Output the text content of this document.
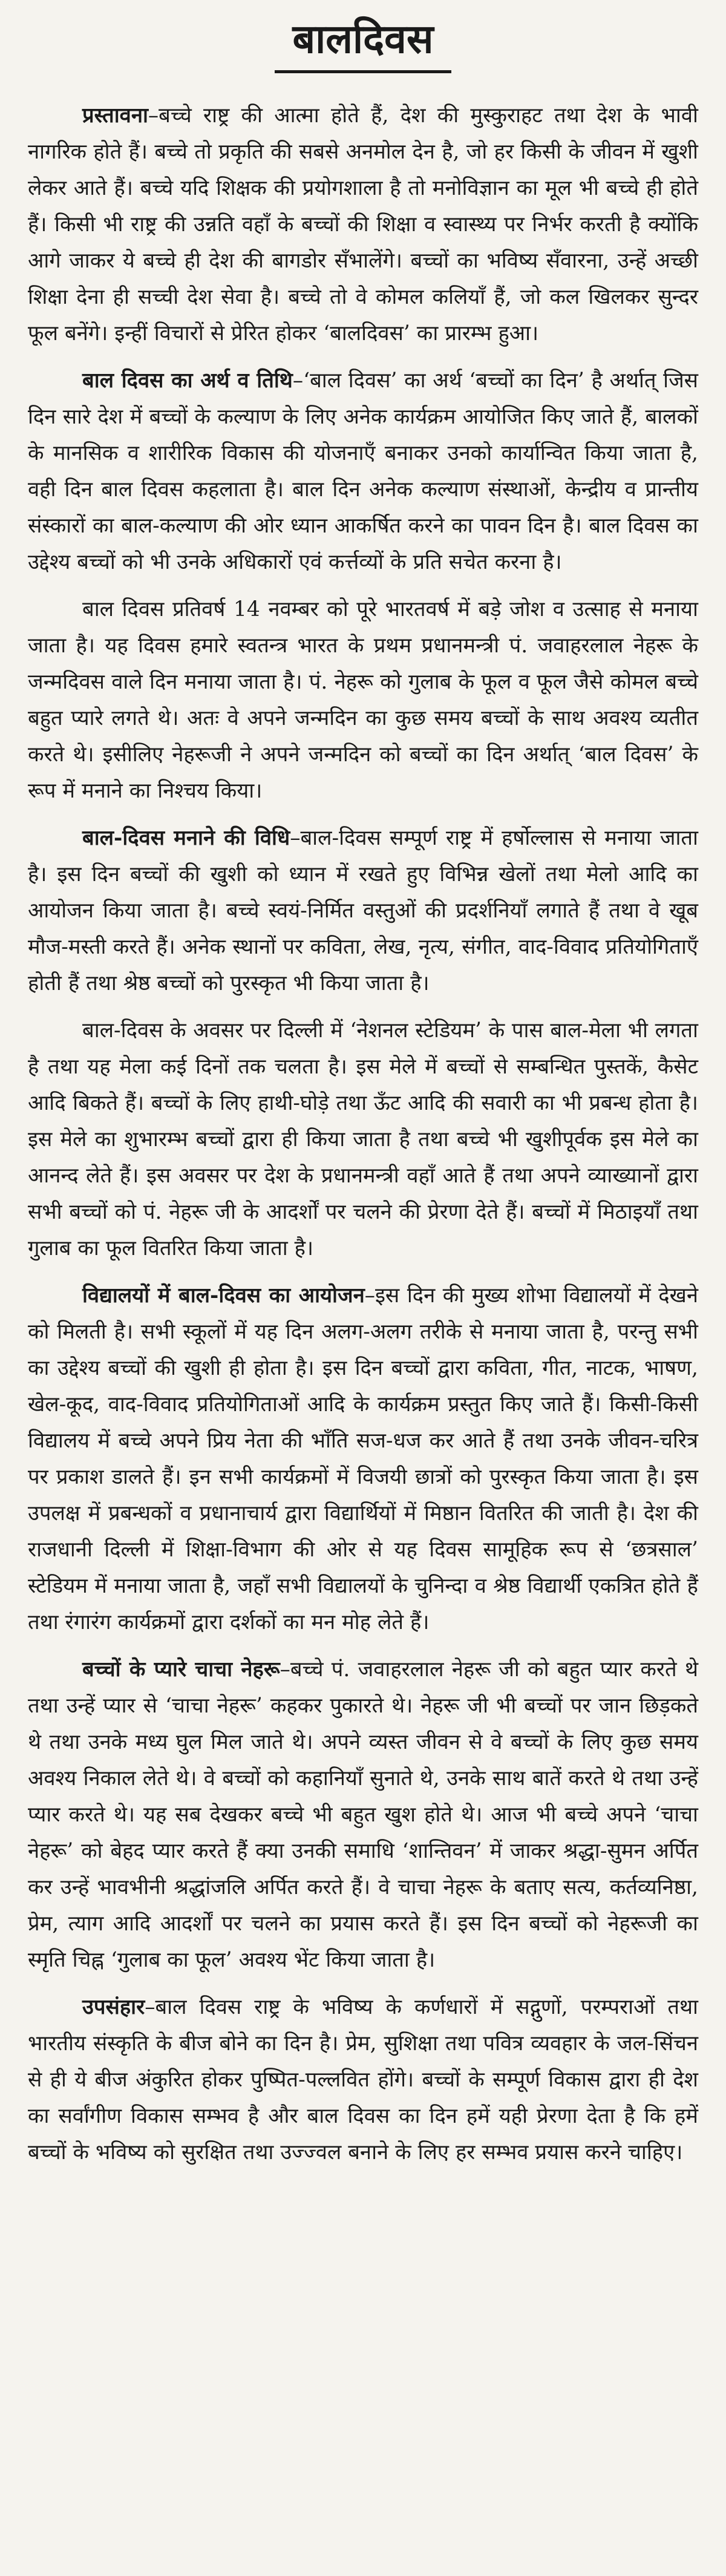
बालदिवस

प्रस्तावना–बच्चे राष्ट्र की आत्मा होते हैं, देश की मुस्कुराहट तथा देश के भावी नागरिक होते हैं। बच्चे तो प्रकृति की सबसे अनमोल देन है, जो हर किसी के जीवन में खुशी लेकर आते हैं। बच्चे यदि शिक्षक की प्रयोगशाला है तो मनोविज्ञान का मूल भी बच्चे ही होते हैं। किसी भी राष्ट्र की उन्नति वहाँ के बच्चों की शिक्षा व स्वास्थ्य पर निर्भर करती है क्योंकि आगे जाकर ये बच्चे ही देश की बागडोर सँभालेंगे। बच्चों का भविष्य सँवारना, उन्हें अच्छी शिक्षा देना ही सच्ची देश सेवा है। बच्चे तो वे कोमल कलियाँ हैं, जो कल खिलकर सुन्दर फूल बनेंगे। इन्हीं विचारों से प्रेरित होकर ‘बालदिवस’ का प्रारम्भ हुआ।

बाल दिवस का अर्थ व तिथि–‘बाल दिवस’ का अर्थ ‘बच्चों का दिन’ है अर्थात् जिस दिन सारे देश में बच्चों के कल्याण के लिए अनेक कार्यक्रम आयोजित किए जाते हैं, बालकों के मानसिक व शारीरिक विकास की योजनाएँ बनाकर उनको कार्यान्वित किया जाता है, वही दिन बाल दिवस कहलाता है। बाल दिन अनेक कल्याण संस्थाओं, केन्द्रीय व प्रान्तीय संस्कारों का बाल-कल्याण की ओर ध्यान आकर्षित करने का पावन दिन है। बाल दिवस का उद्देश्य बच्चों को भी उनके अधिकारों एवं कर्त्तव्यों के प्रति सचेत करना है।

बाल दिवस प्रतिवर्ष 14 नवम्बर को पूरे भारतवर्ष में बड़े जोश व उत्साह से मनाया जाता है। यह दिवस हमारे स्वतन्त्र भारत के प्रथम प्रधानमन्त्री पं. जवाहरलाल नेहरू के जन्मदिवस वाले दिन मनाया जाता है। पं. नेहरू को गुलाब के फूल व फूल जैसे कोमल बच्चे बहुत प्यारे लगते थे। अतः वे अपने जन्मदिन का कुछ समय बच्चों के साथ अवश्य व्यतीत करते थे। इसीलिए नेहरूजी ने अपने जन्मदिन को बच्चों का दिन अर्थात् ‘बाल दिवस’ के रूप में मनाने का निश्चय किया।

बाल-दिवस मनाने की विधि–बाल-दिवस सम्पूर्ण राष्ट्र में हर्षोल्लास से मनाया जाता है। इस दिन बच्चों की खुशी को ध्यान में रखते हुए विभिन्न खेलों तथा मेलो आदि का आयोजन किया जाता है। बच्चे स्वयं-निर्मित वस्तुओं की प्रदर्शनियाँ लगाते हैं तथा वे खूब मौज-मस्ती करते हैं। अनेक स्थानों पर कविता, लेख, नृत्य, संगीत, वाद-विवाद प्रतियोगिताएँ होती हैं तथा श्रेष्ठ बच्चों को पुरस्कृत भी किया जाता है।

बाल-दिवस के अवसर पर दिल्ली में ‘नेशनल स्टेडियम’ के पास बाल-मेला भी लगता है तथा यह मेला कई दिनों तक चलता है। इस मेले में बच्चों से सम्बन्धित पुस्तकें, कैसेट आदि बिकते हैं। बच्चों के लिए हाथी-घोड़े तथा ऊँट आदि की सवारी का भी प्रबन्ध होता है। इस मेले का शुभारम्भ बच्चों द्वारा ही किया जाता है तथा बच्चे भी खुशीपूर्वक इस मेले का आनन्द लेते हैं। इस अवसर पर देश के प्रधानमन्त्री वहाँ आते हैं तथा अपने व्याख्यानों द्वारा सभी बच्चों को पं. नेहरू जी के आदर्शों पर चलने की प्रेरणा देते हैं। बच्चों में मिठाइयाँ तथा गुलाब का फूल वितरित किया जाता है।

विद्यालयों में बाल-दिवस का आयोजन–इस दिन की मुख्य शोभा विद्यालयों में देखने को मिलती है। सभी स्कूलों में यह दिन अलग-अलग तरीके से मनाया जाता है, परन्तु सभी का उद्देश्य बच्चों की खुशी ही होता है। इस दिन बच्चों द्वारा कविता, गीत, नाटक, भाषण, खेल-कूद, वाद-विवाद प्रतियोगिताओं आदि के कार्यक्रम प्रस्तुत किए जाते हैं। किसी-किसी विद्यालय में बच्चे अपने प्रिय नेता की भाँति सज-धज कर आते हैं तथा उनके जीवन-चरित्र पर प्रकाश डालते हैं। इन सभी कार्यक्रमों में विजयी छात्रों को पुरस्कृत किया जाता है। इस उपलक्ष में प्रबन्धकों व प्रधानाचार्य द्वारा विद्यार्थियों में मिष्ठान वितरित की जाती है। देश की राजधानी दिल्ली में शिक्षा-विभाग की ओर से यह दिवस सामूहिक रूप से ‘छत्रसाल’ स्टेडियम में मनाया जाता है, जहाँ सभी विद्यालयों के चुनिन्दा व श्रेष्ठ विद्यार्थी एकत्रित होते हैं तथा रंगारंग कार्यक्रमों द्वारा दर्शकों का मन मोह लेते हैं।

बच्चों के प्यारे चाचा नेहरू–बच्चे पं. जवाहरलाल नेहरू जी को बहुत प्यार करते थे तथा उन्हें प्यार से ‘चाचा नेहरू’ कहकर पुकारते थे। नेहरू जी भी बच्चों पर जान छिड़कते थे तथा उनके मध्य घुल मिल जाते थे। अपने व्यस्त जीवन से वे बच्चों के लिए कुछ समय अवश्य निकाल लेते थे। वे बच्चों को कहानियाँ सुनाते थे, उनके साथ बातें करते थे तथा उन्हें प्यार करते थे। यह सब देखकर बच्चे भी बहुत खुश होते थे। आज भी बच्चे अपने ‘चाचा नेहरू’ को बेहद प्यार करते हैं क्या उनकी समाधि ‘शान्तिवन’ में जाकर श्रद्धा-सुमन अर्पित कर उन्हें भावभीनी श्रद्धांजलि अर्पित करते हैं। वे चाचा नेहरू के बताए सत्य, कर्तव्यनिष्ठा, प्रेम, त्याग आदि आदर्शों पर चलने का प्रयास करते हैं। इस दिन बच्चों को नेहरूजी का स्मृति चिह्न ‘गुलाब का फूल’ अवश्य भेंट किया जाता है।

उपसंहार–बाल दिवस राष्ट्र के भविष्य के कर्णधारों में सद्गुणों, परम्पराओं तथा भारतीय संस्कृति के बीज बोने का दिन है। प्रेम, सुशिक्षा तथा पवित्र व्यवहार के जल-सिंचन से ही ये बीज अंकुरित होकर पुष्पित-पल्लवित होंगे। बच्चों के सम्पूर्ण विकास द्वारा ही देश का सर्वांगीण विकास सम्भव है और बाल दिवस का दिन हमें यही प्रेरणा देता है कि हमें बच्चों के भविष्य को सुरक्षित तथा उज्ज्वल बनाने के लिए हर सम्भव प्रयास करने चाहिए।
